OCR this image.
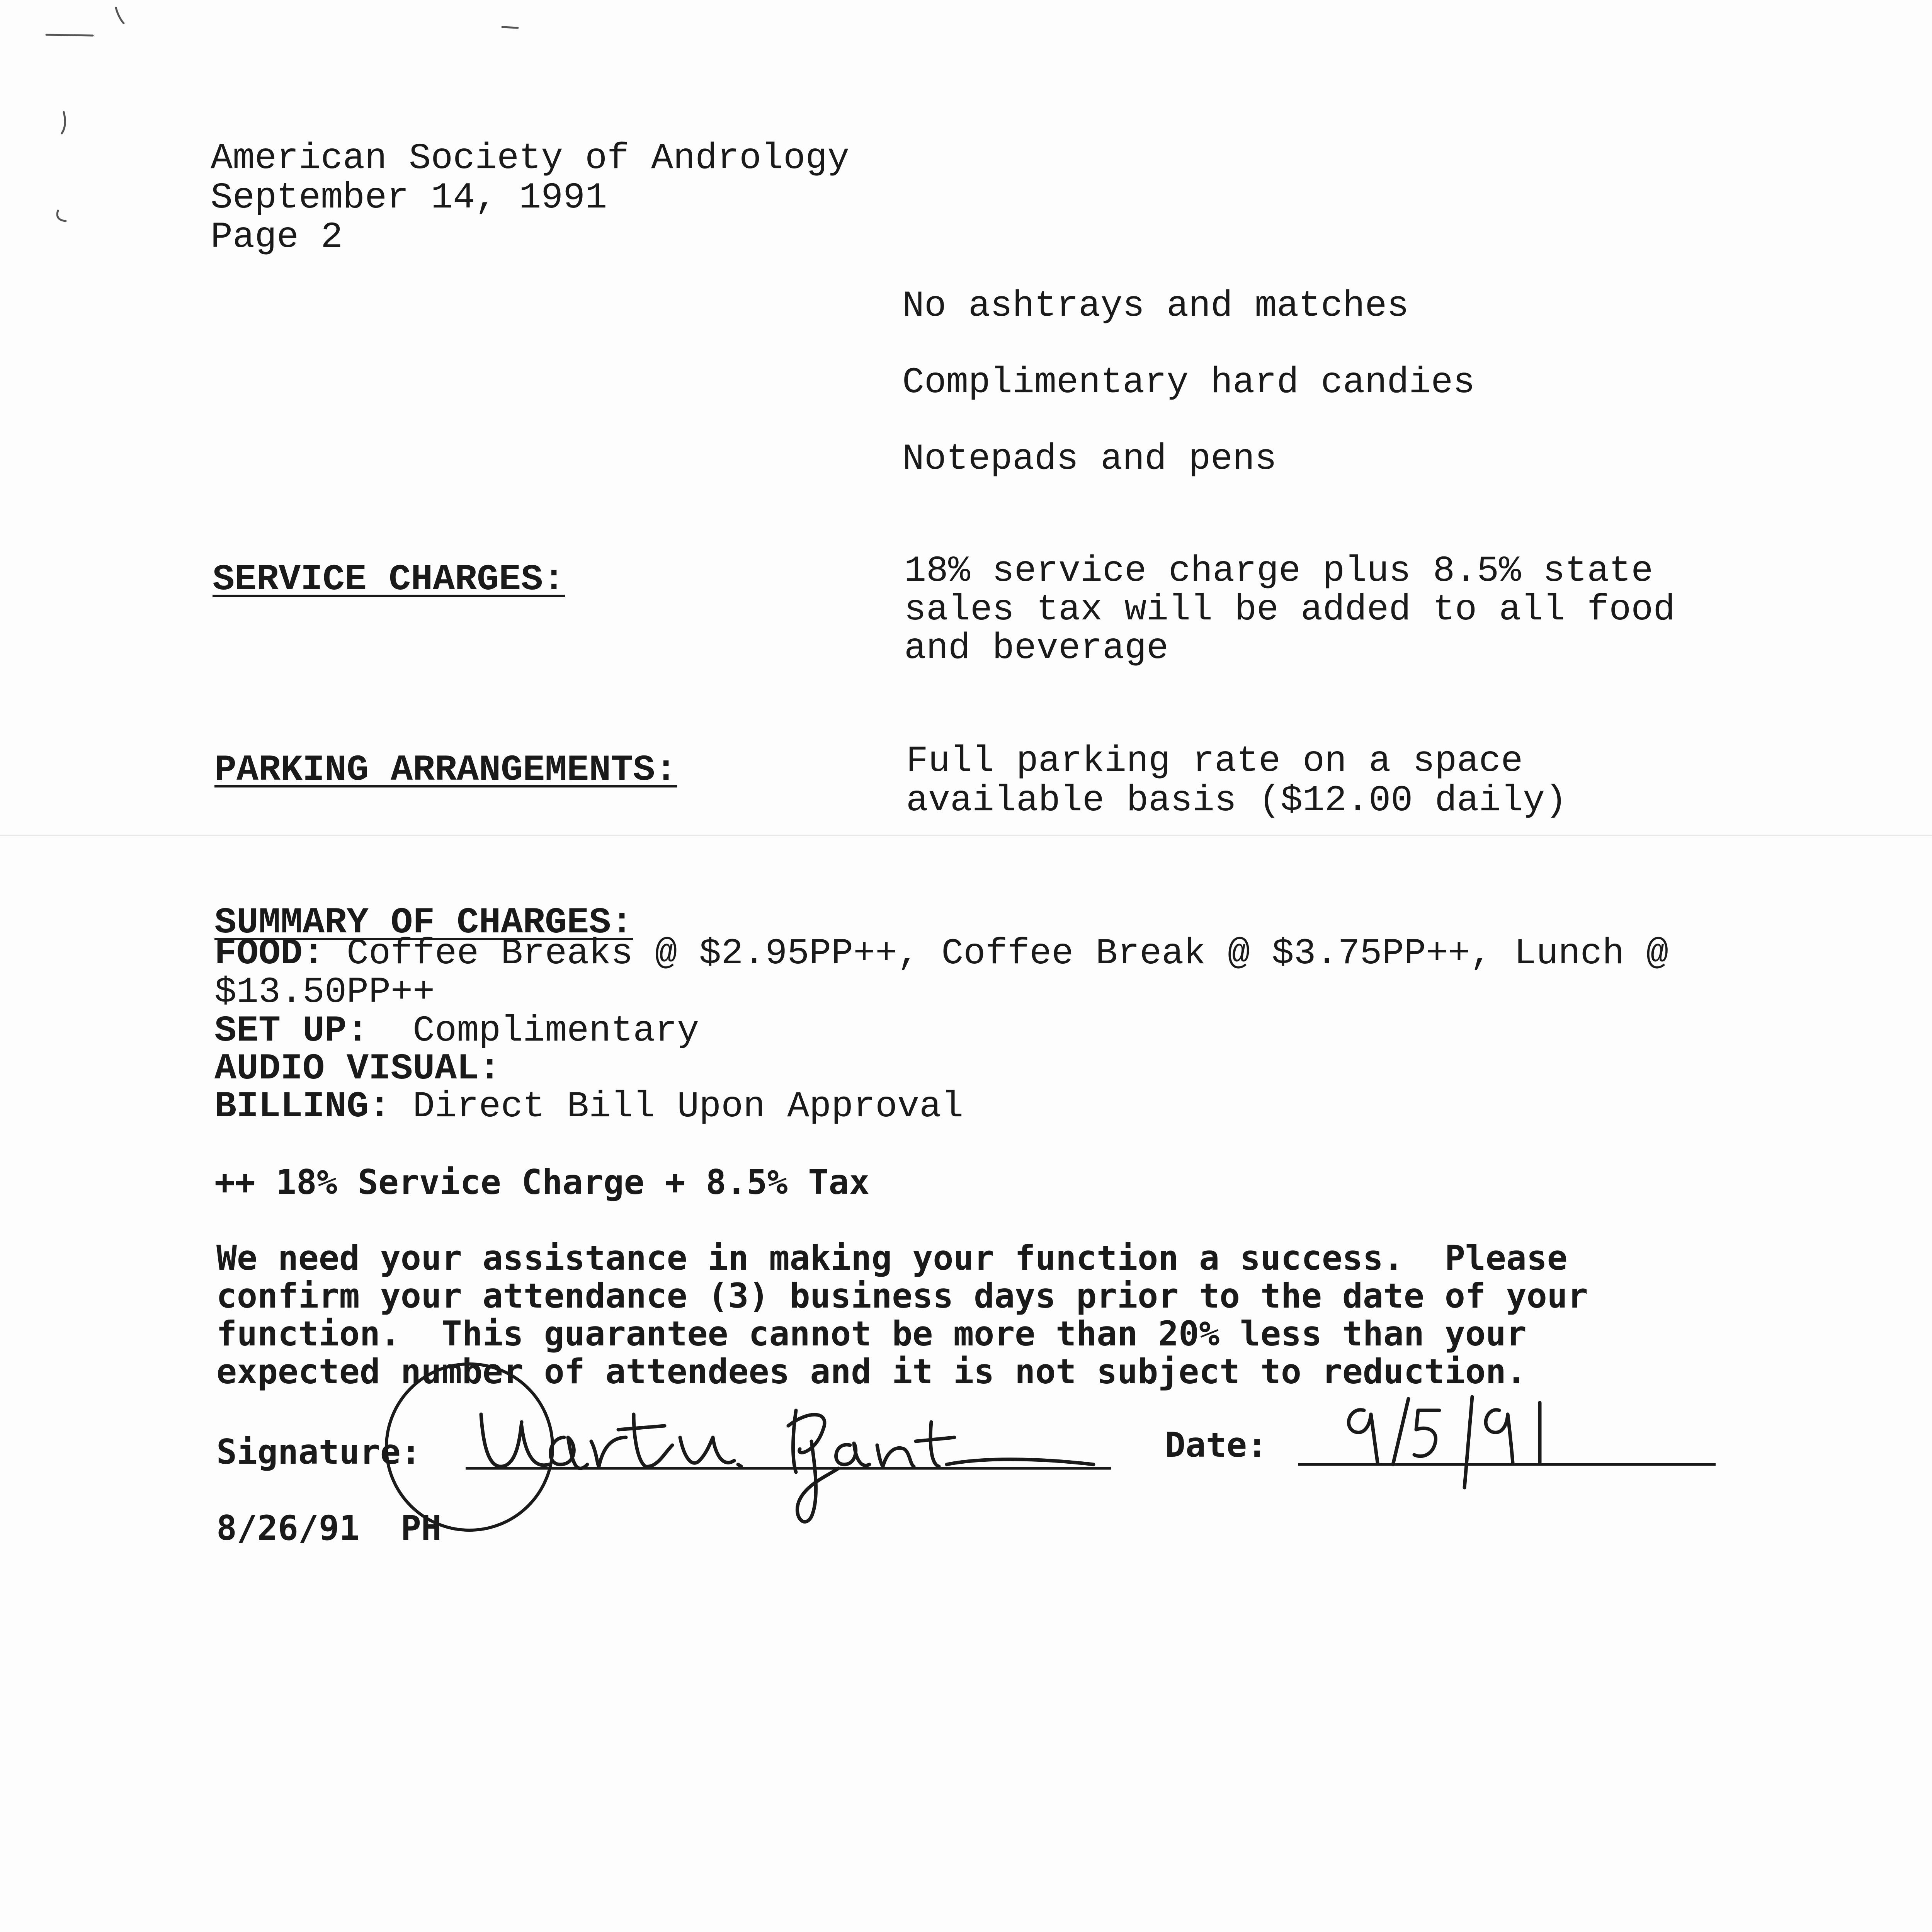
American Society of Andrology
September 14, 1991
Page 2
No ashtrays and matches
Complimentary hard candies
Notepads and pens
SERVICE CHARGES:	18% service charge plus 8.5% state
sales tax will be added to all food
and beverage
PARKING ARRANGEMENTS:	Full parking rate on a space
available basis ($12.00 daily)
SUMMARY OF CHARGES:
FOOD: Coffee Breaks @ $2.95PP++, Coffee Break @ $3.75PP++, Lunch @
$13.50PP++
SET UP: Complimentary
AUDIO VISUAL:
BILLING: Direct Bill Upon Approval
++ 18% Service Charge + 8.5% Tax
We need your assistance in making your function a success.  Please
confirm your attendance (3) business days prior to the date of your
function.  This guarantee cannot be more than 20% less than your
expected number of attendees and it is not subject to reduction.
Signature:	Date:
8/26/91  PH
